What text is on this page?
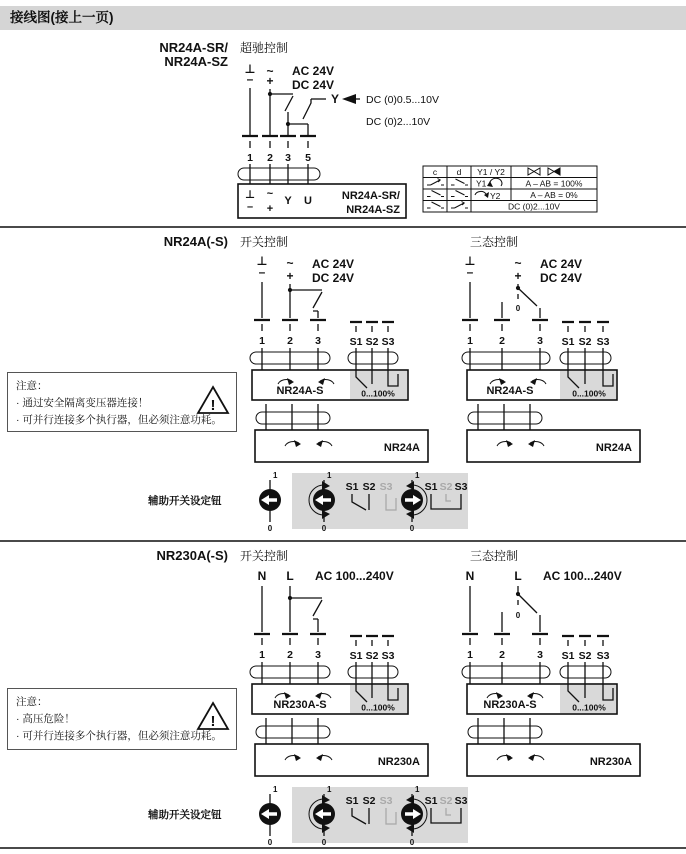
接线图(接上一页)
NR24A-SR/
NR24A-SZ
超驰控制
⊥
–
~
+
AC 24V
DC 24V
Y	DC (0)0.5...10V
DC (0)2...10V
1 2 3 5
⊥
–
~
+
Y U	NR24A-SR/
NR24A-SZ
c d Y1 / Y2
Y1	A – AB = 100%
Y2	A – AB = 0%
DC (0)2...10V
NR24A(-S) 开关控制	三态控制
⊥
–
~
+
AC 24V
DC 24V
1 2 3	S1 S2 S3
NR24A-S	0...100%
NR24A
⊥
–
~
+
AC 24V
DC 24V
0
1 2	3 S1 S2 S3
NR24A-S	0...100%
NR24A
辅助开关设定钮
1
0
1
0
S1 S2 S3
1
0
S1 S2 S3
注意：
· 通过安全隔离变压器连接！
· 可并行连接多个执行器，但必须注意功耗。
!
NR230A(-S) 开关控制	三态控制
N L AC 100...240V
1 2 3	S1 S2 S3
NR230A-S	0...100%
NR230A
N	L AC 100...240V
0
1 2	3 S1 S2 S3
NR230A-S	0...100%
NR230A
辅助开关设定钮
1
0
1
0
S1 S2 S3
1
0
S1 S2 S3
注意：
· 高压危险！
· 可并行连接多个执行器，但必须注意功耗。
!
